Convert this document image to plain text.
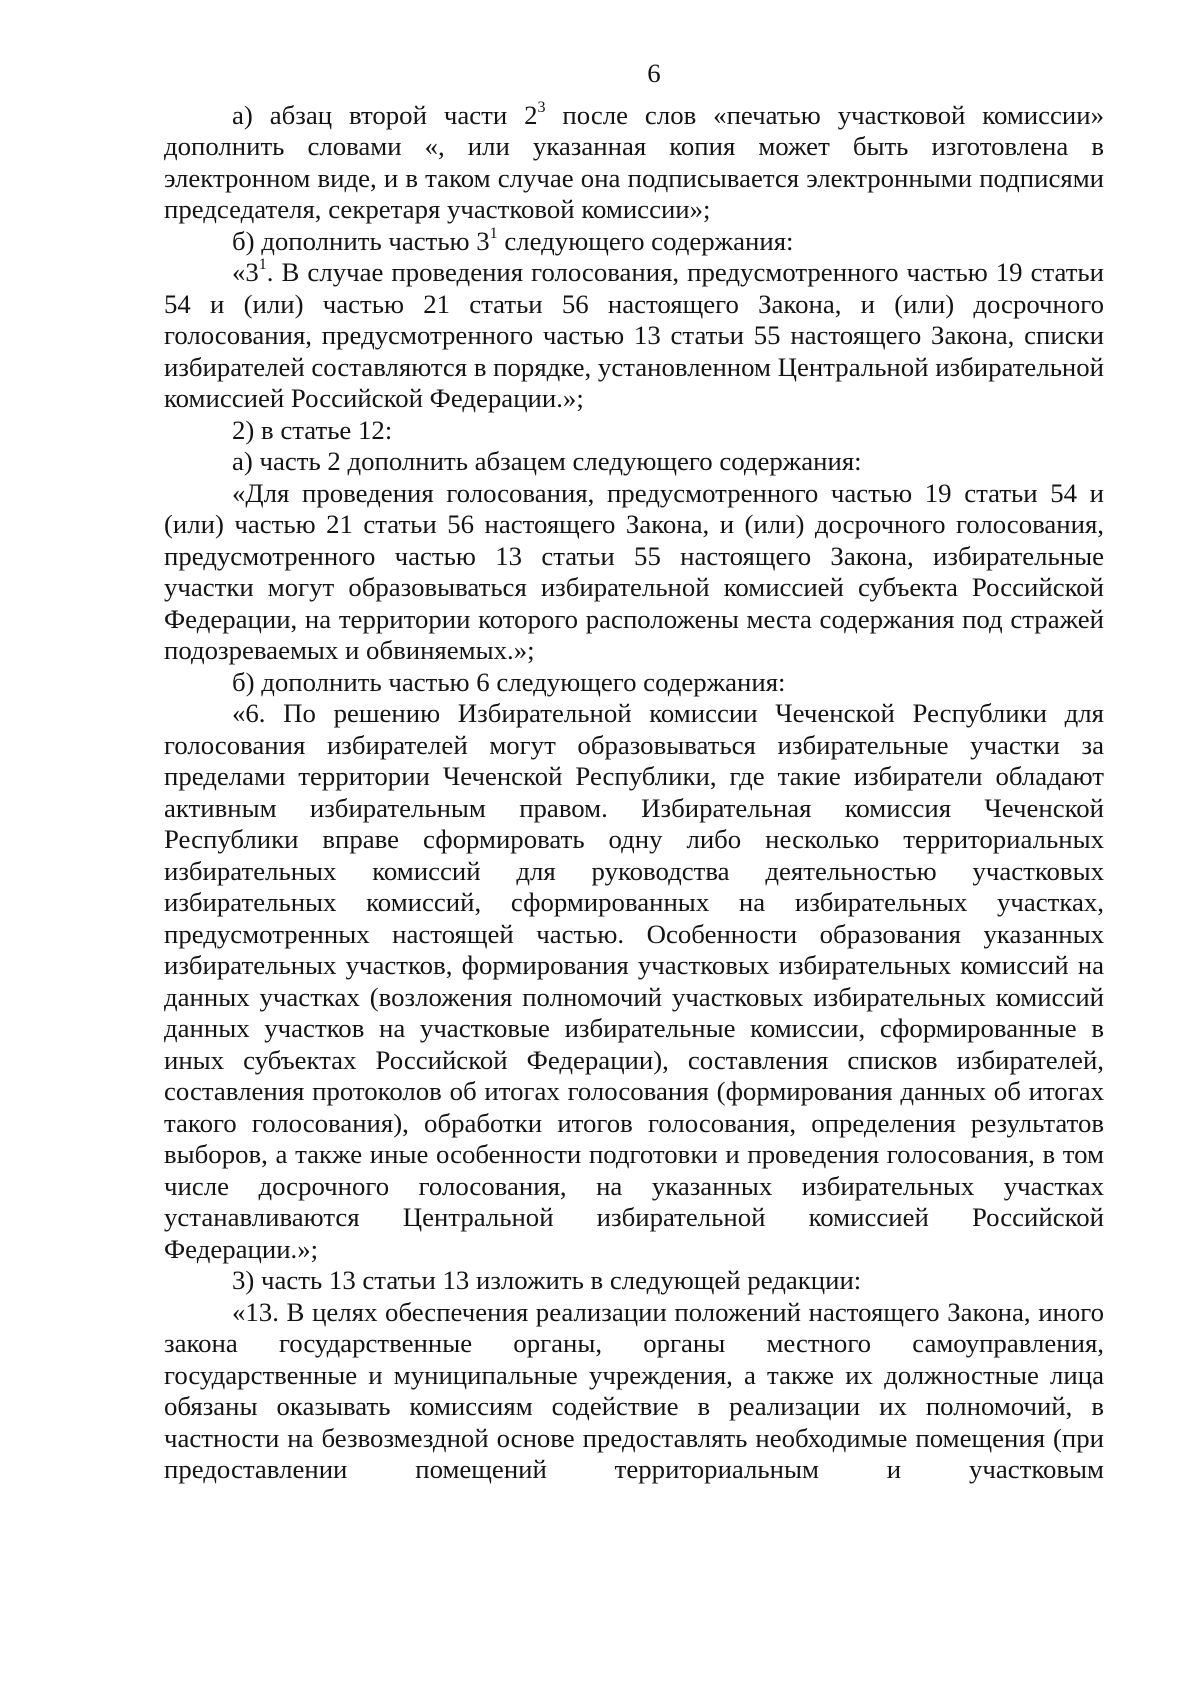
6

а) абзац второй части $2^3$ после слов «печатью участковой комиссии» дополнить словами «, или указанная копия может быть изготовлена в электронном виде, и в таком случае она подписывается электронными подписями председателя, секретаря участковой комиссии»;

б) дополнить частью $3^1$ следующего содержания:

«$3^1$. В случае проведения голосования, предусмотренного частью 19 статьи 54 и (или) частью 21 статьи 56 настоящего Закона, и (или) досрочного голосования, предусмотренного частью 13 статьи 55 настоящего Закона, списки избирателей составляются в порядке, установленном Центральной избирательной комиссией Российской Федерации.»;

2) в статье 12:

а) часть 2 дополнить абзацем следующего содержания:

«Для проведения голосования, предусмотренного частью 19 статьи 54 и (или) частью 21 статьи 56 настоящего Закона, и (или) досрочного голосования, предусмотренного частью 13 статьи 55 настоящего Закона, избирательные участки могут образовываться избирательной комиссией субъекта Российской Федерации, на территории которого расположены места содержания под стражей подозреваемых и обвиняемых.»;

б) дополнить частью 6 следующего содержания:

«6. По решению Избирательной комиссии Чеченской Республики для голосования избирателей могут образовываться избирательные участки за пределами территории Чеченской Республики, где такие избиратели обладают активным избирательным правом. Избирательная комиссия Чеченской Республики вправе сформировать одну либо несколько территориальных избирательных комиссий для руководства деятельностью участковых избирательных комиссий, сформированных на избирательных участках, предусмотренных настоящей частью. Особенности образования указанных избирательных участков, формирования участковых избирательных комиссий на данных участках (возложения полномочий участковых избирательных комиссий данных участков на участковые избирательные комиссии, сформированные в иных субъектах Российской Федерации), составления списков избирателей, составления протоколов об итогах голосования (формирования данных об итогах такого голосования), обработки итогов голосования, определения результатов выборов, а также иные особенности подготовки и проведения голосования, в том числе досрочного голосования, на указанных избирательных участках устанавливаются Центральной избирательной комиссией Российской Федерации.»;

3) часть 13 статьи 13 изложить в следующей редакции:

«13. В целях обеспечения реализации положений настоящего Закона, иного закона государственные органы, органы местного самоуправления, государственные и муниципальные учреждения, а также их должностные лица обязаны оказывать комиссиям содействие в реализации их полномочий, в частности на безвозмездной основе предоставлять необходимые помещения (при предоставлении помещений территориальным и участковым
